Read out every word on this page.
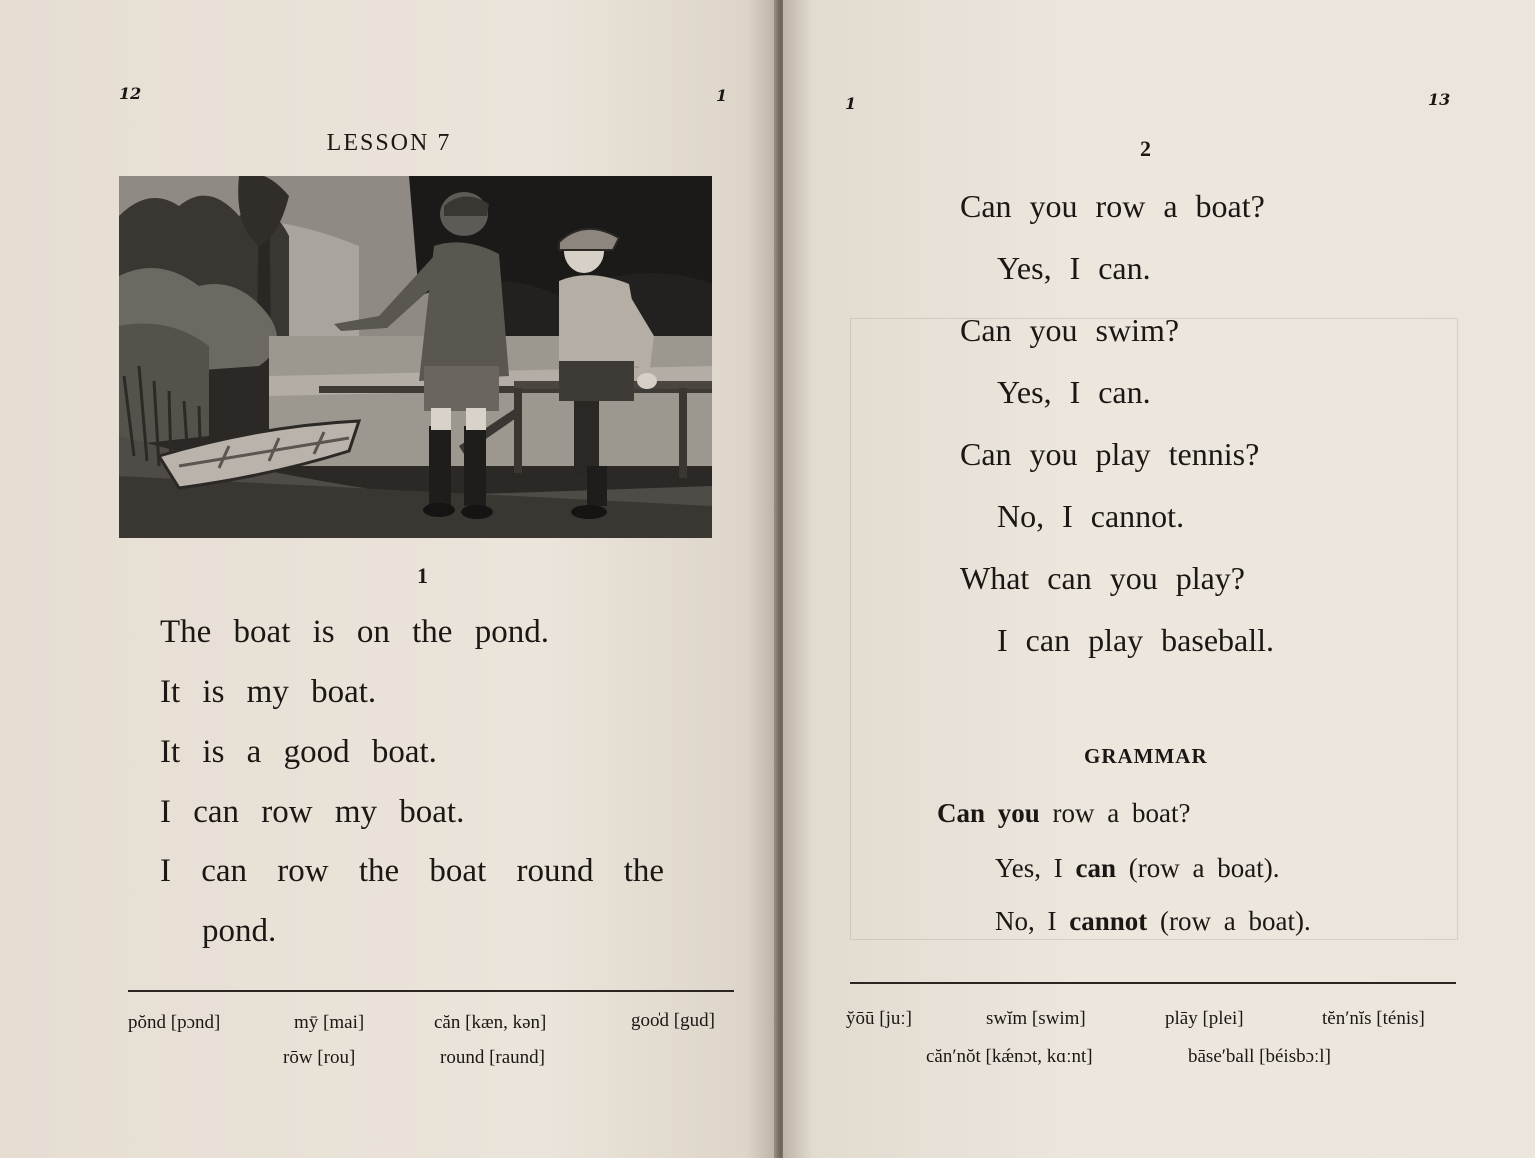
12	1
LESSON 7
1
The boat is on the pond.
It is my boat.
It is a good boat.
I can row my boat.
I can row the boat round the
pond.
pŏnd [pɔnd]	mȳ [mai]	căn [kæn, kən]	goo̍d [gud]
rōw [rou]	round [raund]
1	13
2
Can you row a boat?
Yes, I can.
Can you swim?
Yes, I can.
Can you play tennis?
No, I cannot.
What can you play?
I can play baseball.
GRAMMAR
Can you row a boat?
Yes, I can (row a boat).
No, I cannot (row a boat).
y̆ōū [juː]	swĭm [swim]	plāy [plei]	tĕn′nĭs [ténis]
căn′nŏt [kǽnɔt, kɑːnt]	bāse′ball [béisbɔːl]
